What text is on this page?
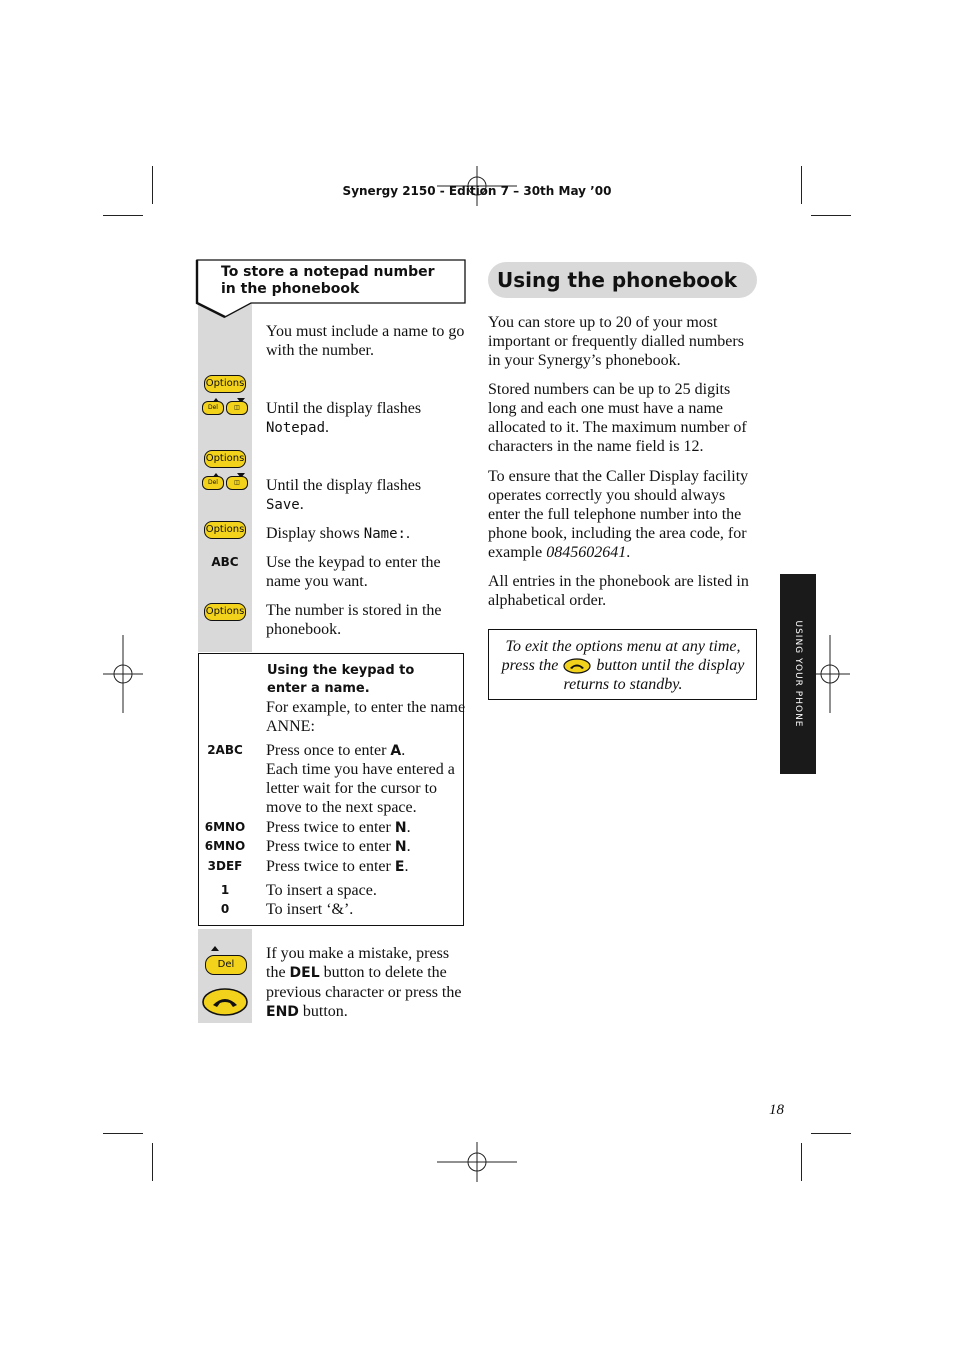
Synergy 2150 - Edition 7 – 30th May ’00
To store a notepad number in the phonebook
You must include a name to go with the number.
Options
Del	◫	Until the display flashes
Notepad.
Options
Del	◫	Until the display flashes
Save.
Options Display shows Name:.
ABC	Use the keypad to enter the name you want.
Options The number is stored in the phonebook.
Using the keypad to enter a name.
For example, to enter the name ANNE:
2ABC	Press once to enter A.
Each time you have entered a letter wait for the cursor to move to the next space.
6MNO	Press twice to enter N.
6MNO	Press twice to enter N.
3DEF	Press twice to enter E.
1	To insert a space.
0	To insert ‘&’.
Del
If you make a mistake, press the DEL button to delete the previous character or press the END button.
Using the phonebook
You can store up to 20 of your most important or frequently dialled numbers in your Synergy’s phonebook.
Stored numbers can be up to 25 digits long and each one must have a name allocated to it. The maximum number of characters in the name field is 12.
To ensure that the Caller Display facility operates correctly you should always enter the full telephone number into the phone book, including the area code, for example 0845602641.
All entries in the phonebook are listed in alphabetical order.
To exit the options menu at any time, press the button until the display returns to standby.	USING YOUR PHONE
18
